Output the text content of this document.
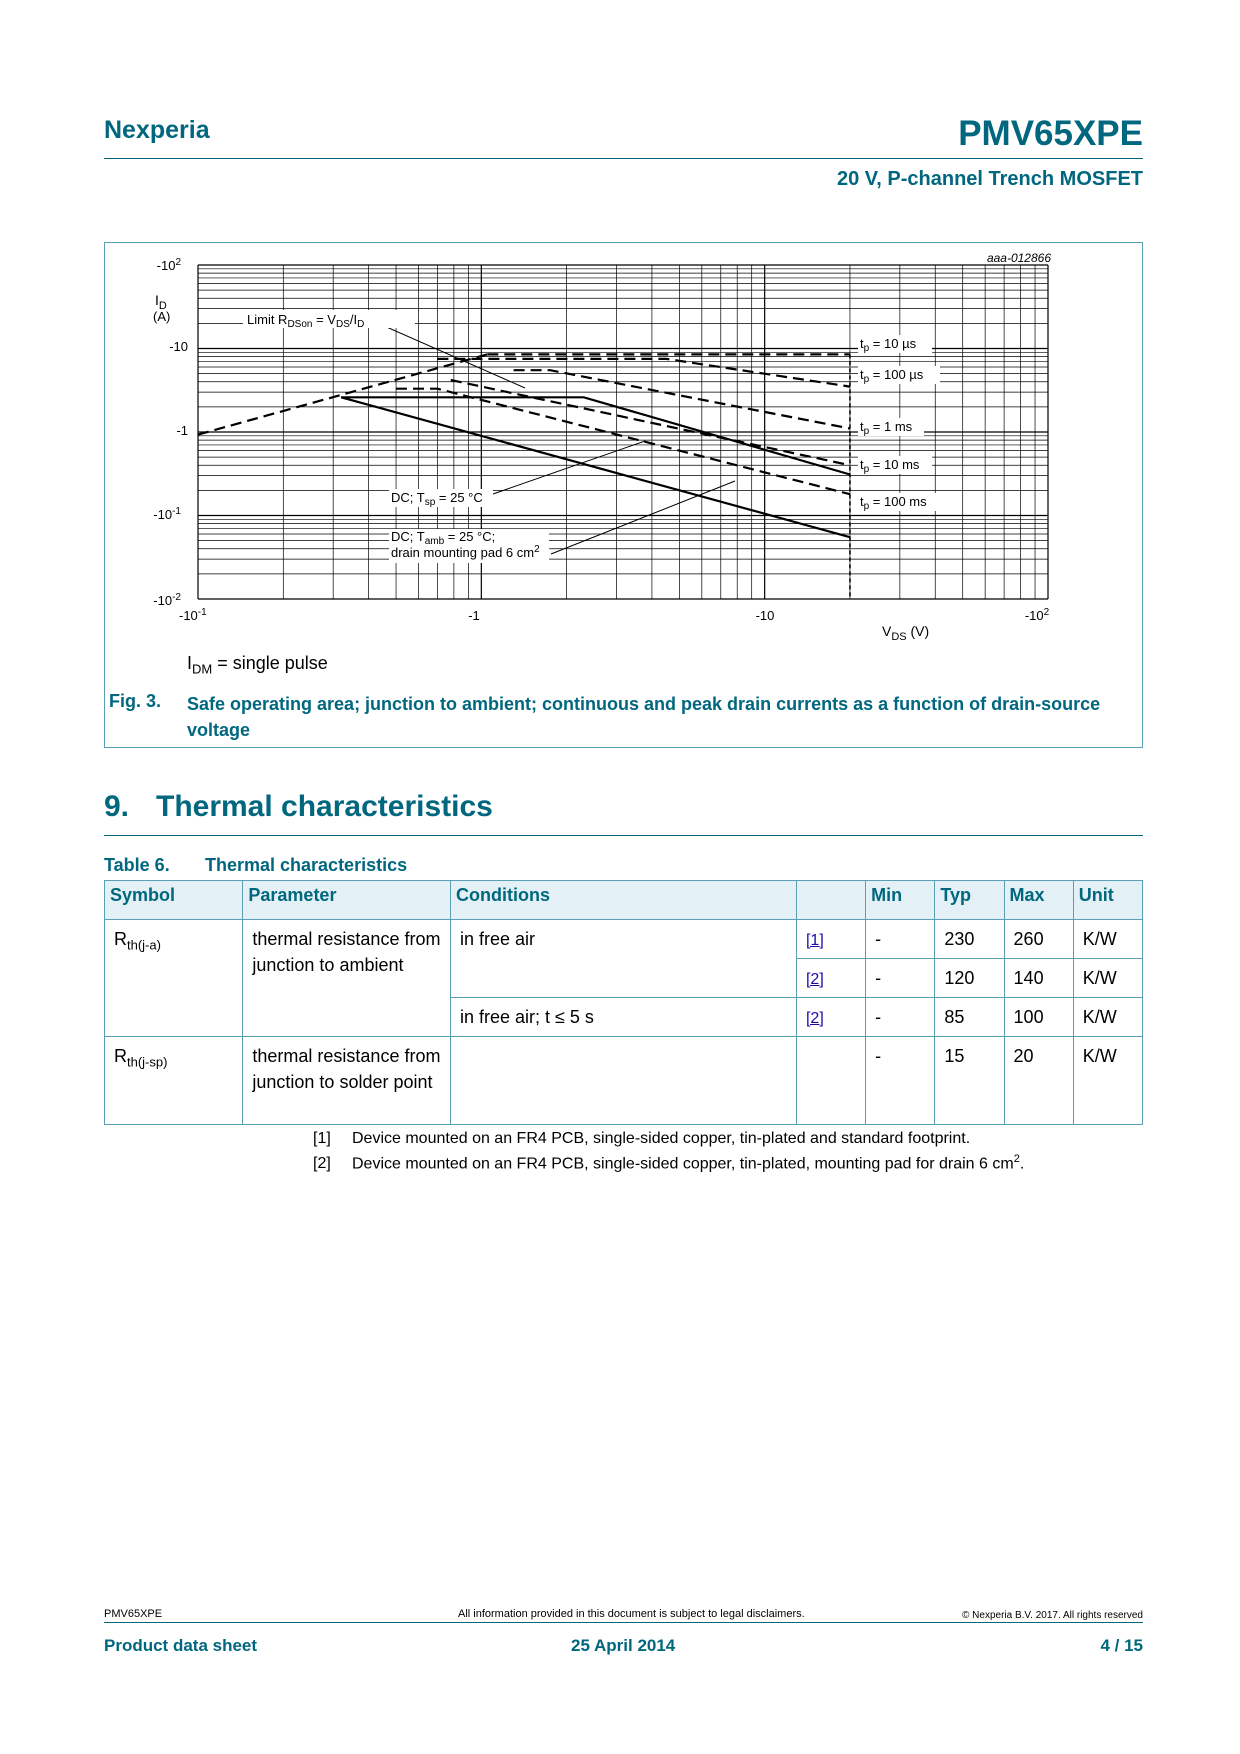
Nexperia	PMV65XPE
20 V, P-channel Trench MOSFET
aaa-012866
$I_D$
(A)
$-10^2$
-10
-1
$-10^{-1}$
$-10^{-2}$
$-10^{-1}$	-1	-10	$-10^2$
$V_{DS}$ (V)
Limit $R_{DSon} = V_{DS}/I_D$
$t_p = 10$ µs
$t_p = 100$ µs
$t_p = 1$ ms
$t_p = 10$ ms
$t_p = 100$ ms
DC; $T_{sp} = 25$ °C
DC; $T_{amb} = 25$ °C;
drain mounting pad 6 $cm^2$
$I_{DM}$ = single pulse
Fig. 3. Safe operating area; junction to ambient; continuous and peak drain currents as a function of drain-source voltage
9. Thermal characteristics
Table 6. Thermal characteristics
Symbol	Parameter	Conditions		Min	Typ	Max	Unit
$R_{th(j-a)}$	thermal resistance from junction to ambient	in free air	[1]	-	230	260	K/W
			[2]	-	120	140	K/W
		in free air; t ≤ 5 s	[2]	-	85	100	K/W
$R_{th(j-sp)}$	thermal resistance from junction to solder point			-	15	20	K/W
[1] Device mounted on an FR4 PCB, single-sided copper, tin-plated and standard footprint.
[2] Device mounted on an FR4 PCB, single-sided copper, tin-plated, mounting pad for drain 6 $cm^2$.
PMV65XPE	All information provided in this document is subject to legal disclaimers.	© Nexperia B.V. 2017. All rights reserved
Product data sheet	25 April 2014	4 / 15
